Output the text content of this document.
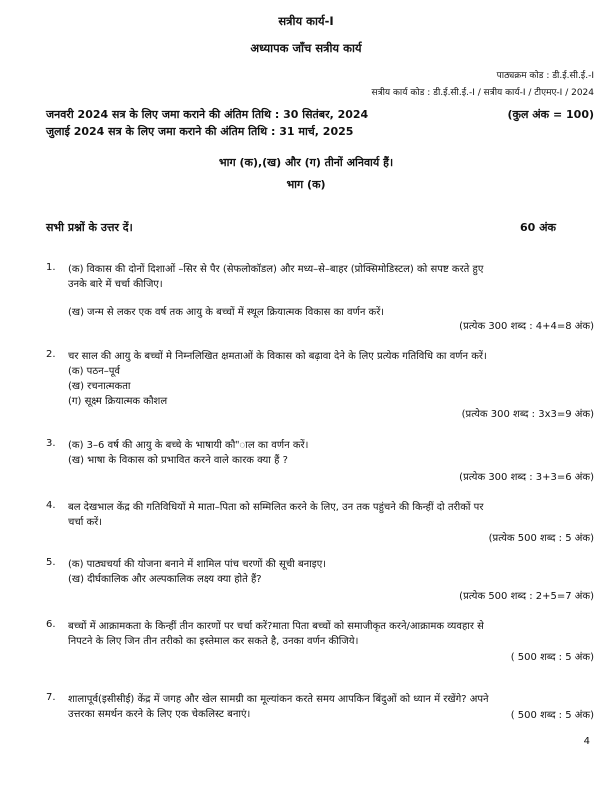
सत्रीय कार्य-I
अध्यापक जाँच सत्रीय कार्य
पाठ्यक्रम कोड : डी.ई.सी.ई.-I
सत्रीय कार्य कोड : डी.ई.सी.ई.-I / सत्रीय कार्य-I / टीएमए-I / 2024
जनवरी 2024 सत्र के लिए जमा कराने की अंतिम तिथि : 30 सितंबर, 2024	(कुल अंक = 100)
जुलाई 2024 सत्र के लिए जमा कराने की अंतिम तिथि : 31 मार्च, 2025
भाग (क),(ख) और (ग) तीनों अनिवार्य हैं।
भाग (क)
सभी प्रश्नों के उत्तर दें।	60 अंक
1. (क) विकास की दोनों दिशाओं –सिर से पैर (सेफलोकॉडल) और मध्य–से–बाहर (प्रोक्सिमोडिस्टल) को सपष्ट करते हुए
उनके बारे में चर्चा कीजिए।
(ख) जन्म से लकर एक वर्ष तक आयु के बच्चों में स्थूल क्रियात्मक विकास का वर्णन करें।
(प्रत्येक 300 शब्द : 4+4=8 अंक)
2. चर साल की आयु के बच्चों मे निम्नलिखित क्षमताओं के विकास को बढ़ावा देने के लिए प्रत्येक गतिविधि का वर्णन करें।
(क) पठन–पूर्व
(ख) रचनात्मकता
(ग) सूक्ष्म क्रियात्मक कौशल
(प्रत्येक 300 शब्द : 3x3=9 अंक)
3. (क) 3–6 वर्ष की आयु के बच्चे के भाषायी कौ"ाल का वर्णन करें।
(ख) भाषा के विकास को प्रभावित करने वाले कारक क्या हैं ?
(प्रत्येक 300 शब्द : 3+3=6 अंक)
4. बल देखभाल केंद्र की गतिविधियों मे माता–पिता को सम्मिलित करने के लिए, उन तक पहुंचने की किन्हीं दो तरीकों पर
चर्चा करें।
(प्रत्येक 500 शब्द : 5 अंक)
5. (क) पाठ्यचर्या की योजना बनाने में शामिल पांच चरणों की सूची बनाइए।
(ख) दीर्घकालिक और अल्पकालिक लक्ष्य क्या होते हैं?
(प्रत्येक 500 शब्द : 2+5=7 अंक)
6. बच्चों में आक्रामकता के किन्हीं तीन कारणों पर चर्चा करें?माता पिता बच्चों को समाजीकृत करने/आक्रामक व्यवहार से
निपटने के लिए जिन तीन तरीको का इस्तेमाल कर सकते है, उनका वर्णन कीजिये।
( 500 शब्द : 5 अंक)
7. शालापूर्व(इसीसीई) केंद्र में जगह और खेल सामग्री का मूल्यांकन करते समय आपकिन बिंदुओं को ध्यान में रखेंगे? अपने
उत्तरका समर्थन करने के लिए एक चेकलिस्ट बनाएं।	( 500 शब्द : 5 अंक)
4
